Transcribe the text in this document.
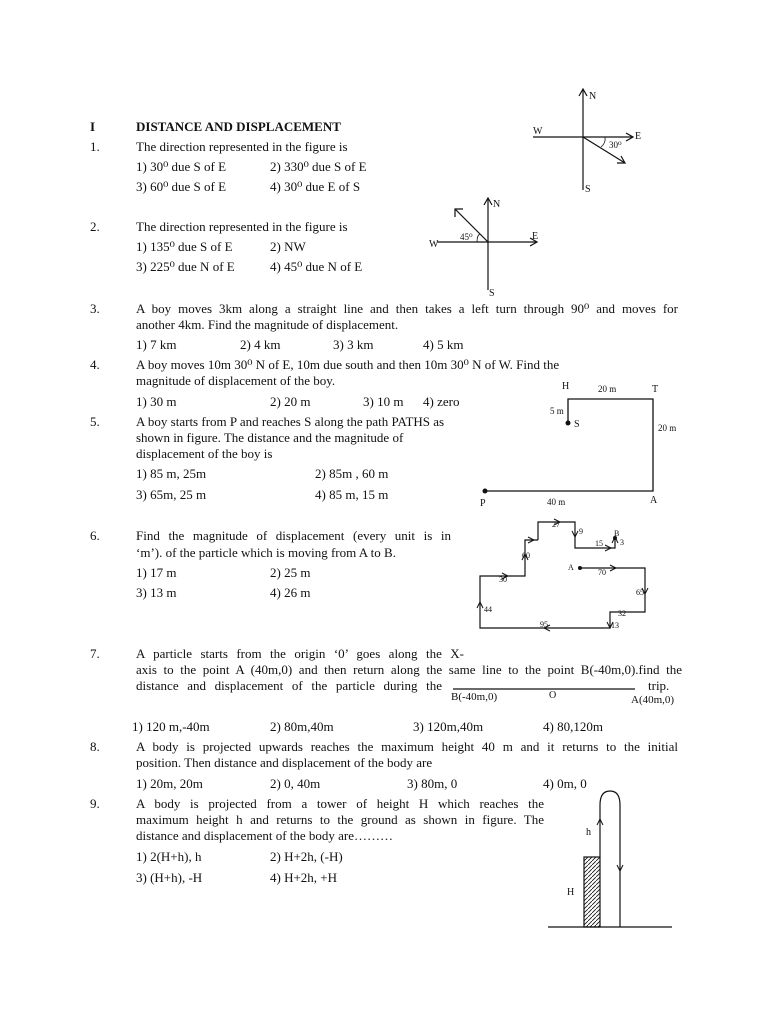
I	DISTANCE AND DISPLACEMENT
1.	The direction represented in the figure is
1) 30⁰ due S of E	2) 330⁰ due S of E
3) 60⁰ due S of E	4) 30⁰ due E of S
N
S
E
W
30⁰
2.	The direction represented in the figure is
1) 135⁰ due S of E	2) NW
3) 225⁰ due N of E	4) 45⁰ due N of E
N
S
E
W
45⁰
3.	A boy moves 3km along a straight line and then takes a left turn through 90⁰ and moves for
another 4km. Find the magnitude of displacement.
1) 7 km	2) 4 km	3) 3 km	4) 5 km
4.	A boy moves 10m 30⁰ N of E, 10m due south and then 10m 30⁰ N of W. Find the
magnitude of displacement of the boy.
1) 30 m	2) 20 m	3) 10 m 4) zero
5.	A boy starts from P and reaches S along the path PATHS as
shown in figure. The distance and the magnitude of
displacement of the boy is
1) 85 m, 25m	2) 85m , 60 m
3) 65m, 25 m	4) 85 m, 15 m
H	T
S
P	A
20 m
20 m
5 m
40 m
6.	Find the magnitude of displacement (every unit is in
‘m’). of the particle which is moving from A to B.
1) 17 m	2) 25 m
3) 13 m	4) 26 m
A
B
27
9
15 3
60
70
30
65
44	32
95	13
7.	A particle starts from the origin ‘0’ goes along the X-
axis to the point A (40m,0) and then return along the same line to the point B(-40m,0).find the
distance and displacement of the particle during the	trip.
B(-40m,0)	O	A(40m,0)
1) 120 m,-40m	2) 80m,40m	3) 120m,40m	4) 80,120m
8.	A body is projected upwards reaches the maximum height 40 m and it returns to the initial
position. Then distance and displacement of the body are
1) 20m, 20m	2) 0, 40m	3) 80m, 0	4) 0m, 0
9.	A body is projected from a tower of height H which reaches the
maximum height h and returns to the ground as shown in figure. The
distance and displacement of the body are………
1) 2(H+h), h	2) H+2h, (-H)
3) (H+h), -H	4) H+2h, +H
h
H
